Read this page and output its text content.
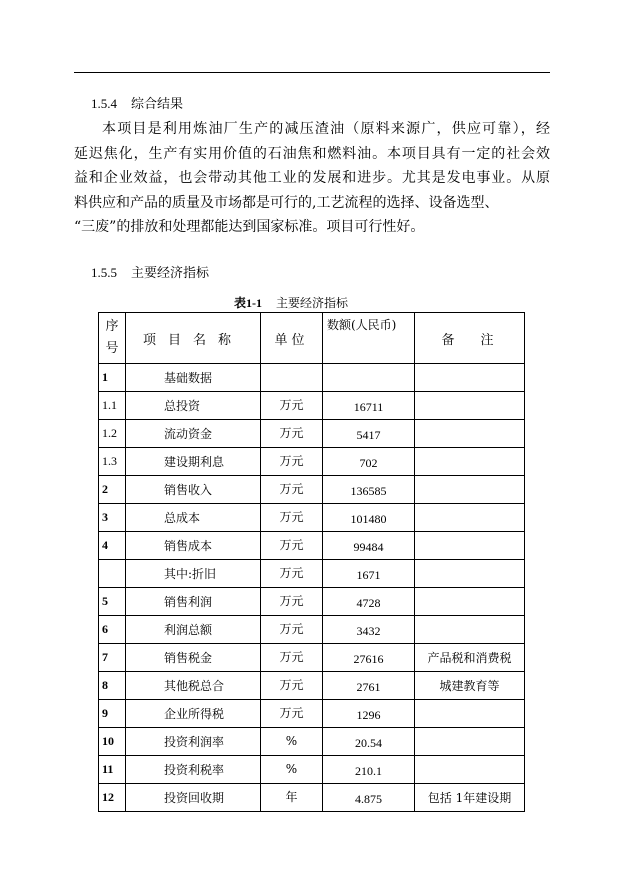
1.5.4 综合结果
本项目是利用炼油厂生产的减压渣油（原料来源广，供应可靠），经
延迟焦化，生产有实用价值的石油焦和燃料油。本项目具有一定的社会效
益和企业效益，也会带动其他工业的发展和进步。尤其是发电事业。从原
料供应和产品的质量及市场都是可行的,工艺流程的选择、设备选型、
“三废”的排放和处理都能达到国家标准。项目可行性好。
1.5.5 主要经济指标
表1-1 主要经济指标
序
号	项目名称	单位	数额(人民币)	备注
1	基础数据			
1.1	总投资	万元	16711	
1.2	流动资金	万元	5417	
1.3	建设期利息	万元	702	
2	销售收入	万元	136585	
3	总成本	万元	101480	
4	销售成本	万元	99484	
	其中:折旧	万元	1671	
5	销售利润	万元	4728	
6	利润总额	万元	3432	
7	销售税金	万元	27616	产品税和消费税
8	其他税总合	万元	2761	城建教育等
9	企业所得税	万元	1296	
10	投资利润率	%	20.54	
11	投资利税率	%	210.1	
12	投资回收期	年	4.875	包括 1年建设期
